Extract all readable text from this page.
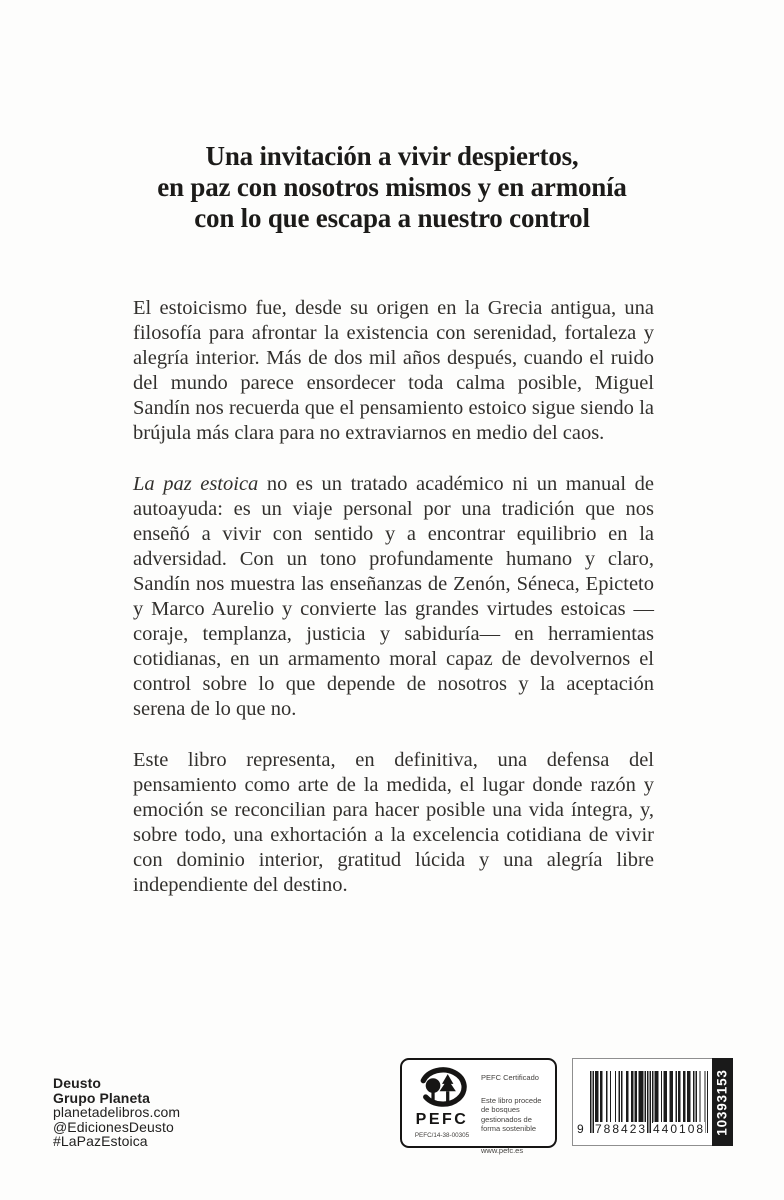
Una invitación a vivir despiertos,
en paz con nosotros mismos y en armonía
con lo que escapa a nuestro control

El estoicismo fue, desde su origen en la Grecia antigua, una filosofía para afrontar la existencia con serenidad, fortaleza y alegría interior. Más de dos mil años después, cuando el ruido del mundo parece ensordecer toda calma posible, Miguel Sandín nos recuerda que el pensamiento estoico sigue siendo la brújula más clara para no extraviarnos en medio del caos.

La paz estoica no es un tratado académico ni un manual de autoayuda: es un viaje personal por una tradición que nos enseñó a vivir con sentido y a encontrar equilibrio en la adversidad. Con un tono profundamente humano y claro, Sandín nos muestra las enseñanzas de Zenón, Séneca, Epicteto y Marco Aurelio y convierte las grandes virtudes estoicas —coraje, templanza, justicia y sabiduría— en herramientas cotidianas, en un armamento moral capaz de devolvernos el control sobre lo que depende de nosotros y la aceptación serena de lo que no.

Este libro representa, en definitiva, una defensa del pensamiento como arte de la medida, el lugar donde razón y emoción se reconcilian para hacer posible una vida íntegra, y, sobre todo, una exhortación a la excelencia cotidiana de vivir con dominio interior, gratitud lúcida y una alegría libre independiente del destino.

Deusto
Grupo Planeta
planetadelibros.com
@EdicionesDeusto
#LaPazEstoica
PEFC
PEFC/14-38-00305
PEFC Certificado
Este libro procede de bosques gestionados de forma sostenible
www.pefc.es
9 788423 440108 10393153
